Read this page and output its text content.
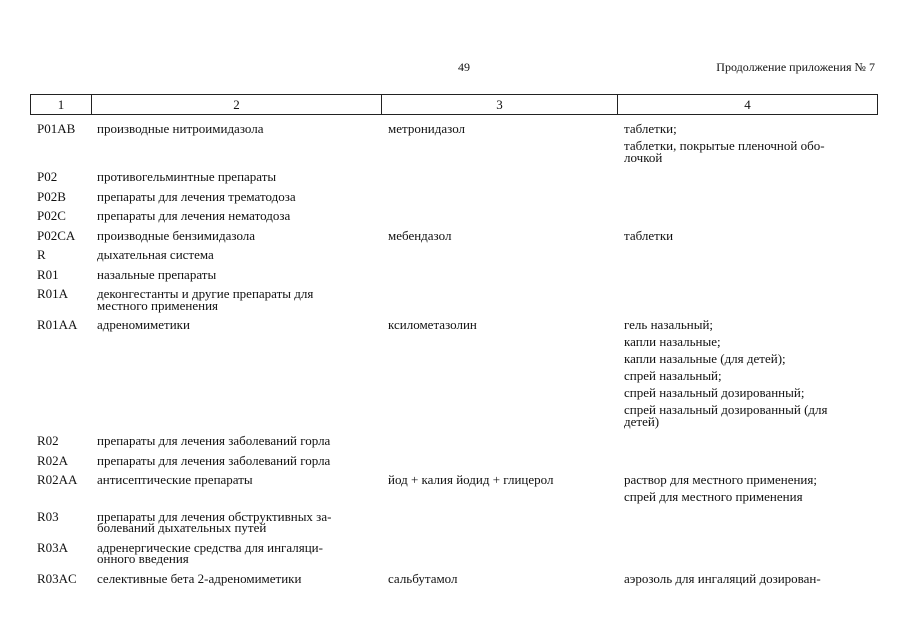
49	Продолжение приложения № 7
1	2	3	4
P01AB	производные нитроимидазола	метронидазол	таблетки;
таблетки, покрытые пленочной обо-
лочкой
P02	противогельминтные препараты
P02B	препараты для лечения трематодоза
P02C	препараты для лечения нематодоза
P02CA	производные бензимидазола	мебендазол	таблетки
R	дыхательная система
R01	назальные препараты
R01A	деконгестанты и другие препараты для
местного применения
R01AA	адреномиметики	ксилометазолин	гель назальный;
капли назальные;
капли назальные (для детей);
спрей назальный;
спрей назальный дозированный;
спрей назальный дозированный (для
детей)
R02	препараты для лечения заболеваний горла
R02A	препараты для лечения заболеваний горла
R02AA	антисептические препараты	йод + калия йодид + глицерол	раствор для местного применения;
спрей для местного применения
R03	препараты для лечения обструктивных за-
болеваний дыхательных путей
R03A	адренергические средства для ингаляци-
онного введения
R03AC	селективные бета 2-адреномиметики	сальбутамол	аэрозоль для ингаляций дозирован-
